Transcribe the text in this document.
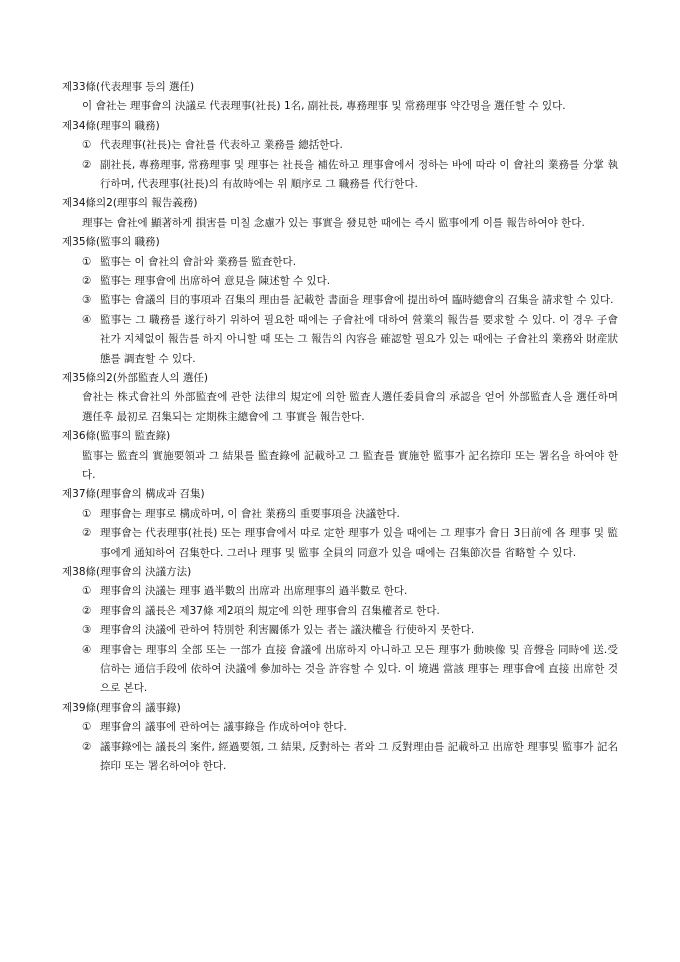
제33條(代表理事 등의 選任)
이 會社는 理事會의 決議로 代表理事(社長) 1名, 副社長, 專務理事 및 常務理事 약간명을 選任할 수 있다.
제34條(理事의 職務)
① 代表理事(社長)는 會社를 代表하고 業務를 總括한다.
② 副社長, 專務理事, 常務理事 및 理事는 社長을 補佐하고 理事會에서 정하는 바에 따라 이 會社의 業務를 分掌 執行하며, 代表理事(社長)의 有故時에는 위 順序로 그 職務를 代行한다.
제34條의2(理事의 報告義務)
理事는 會社에 顯著하게 損害를 미칠 念慮가 있는 事實을 發見한 때에는 즉시 監事에게 이를 報告하여야 한다.
제35條(監事의 職務)
① 監事는 이 會社의 會計와 業務를 監査한다.
② 監事는 理事會에 出席하여 意見을 陳述할 수 있다.
③ 監事는 會議의 目的事項과 召集의 理由를 記載한 書面을 理事會에 提出하여 臨時總會의 召集을 請求할 수 있다.
④ 監事는 그 職務를 遂行하기 위하여 필요한 때에는 子會社에 대하여 營業의 報告를 要求할 수 있다. 이 경우 子會社가 지체없이 報告를 하지 아니할 때 또는 그 報告의 內容을 確認할 필요가 있는 때에는 子會社의 業務와 財産狀態를 調査할 수 있다.
제35條의2(外部監査人의 選任)
會社는 株式會社의 外部監査에 관한 法律의 規定에 의한 監査人選任委員會의 承認을 얻어 外部監査人을 選任하며 選任후 最初로 召集되는 定期株主總會에 그 事實을 報告한다.
제36條(監事의 監査錄)
監事는 監査의 實施要領과 그 結果를 監査錄에 記載하고 그 監査를 實施한 監事가 記名捺印 또는 署名을 하여야 한다.
제37條(理事會의 構成과 召集)
① 理事會는 理事로 構成하며, 이 會社 業務의 重要事項을 決議한다.
② 理事會는 代表理事(社長) 또는 理事會에서 따로 定한 理事가 있을 때에는 그 理事가 會日 3日前에 各 理事 및 監事에게 通知하여 召集한다. 그러나 理事 및 監事 全員의 同意가 있을 때에는 召集節次를 省略할 수 있다.
제38條(理事會의 決議方法)
① 理事會의 決議는 理事 過半數의 出席과 出席理事의 過半數로 한다.
② 理事會의 議長은 제37條 제2項의 規定에 의한 理事會의 召集權者로 한다.
③ 理事會의 決議에 관하여 特別한 利害關係가 있는 者는 議決權을 行使하지 못한다.
④ 理事會는 理事의 全部 또는 一部가 直接 會議에 出席하지 아니하고 모든 理事가 動映像 및 音聲을 同時에 送.受信하는 通信手段에 依하여 決議에 參加하는 것을 許容할 수 있다. 이 境遇 當該 理事는 理事會에 直接 出席한 것으로 본다.
제39條(理事會의 議事錄)
① 理事會의 議事에 관하여는 議事錄을 作成하여야 한다.
② 議事錄에는 議長의 案件, 經過要領, 그 結果, 反對하는 者와 그 反對理由를 記載하고 出席한 理事및 監事가 記名捺印 또는 署名하여야 한다.
